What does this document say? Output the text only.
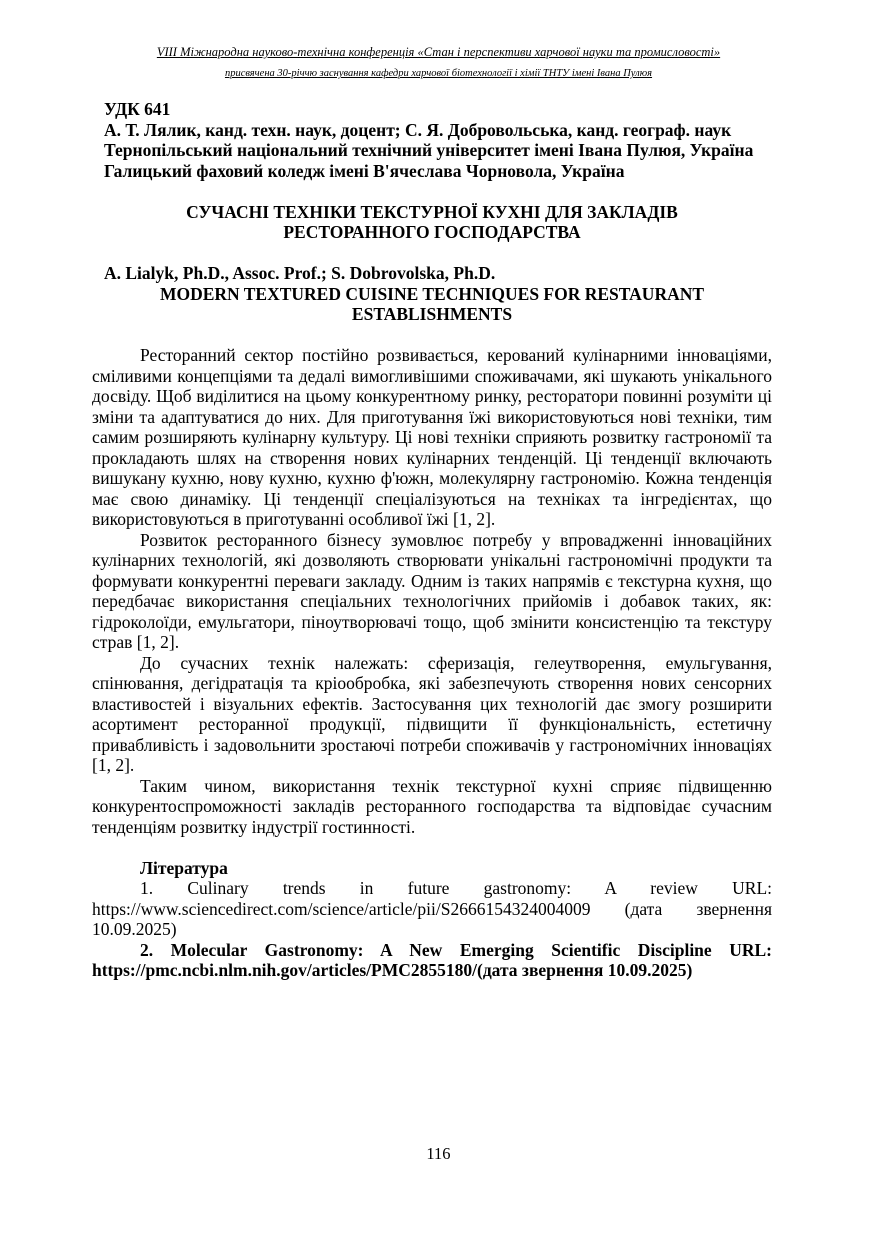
VIII Міжнародна науково-технічна конференція «Стан і перспективи харчової науки та промисловості»
присвячена 30-річчю заснування кафедри харчової біотехнології і хімії ТНТУ імені Івана Пулюя
УДК 641
А. Т. Лялик, канд. техн. наук, доцент; С. Я. Добровольська, канд. географ. наук
Тернопільський національний технічний університет імені Івана Пулюя, Україна
Галицький фаховий коледж імені В'ячеслава Чорновола, Україна
СУЧАСНІ ТЕХНІКИ ТЕКСТУРНОЇ КУХНІ ДЛЯ ЗАКЛАДІВ
РЕСТОРАННОГО ГОСПОДАРСТВА
A. Lialyk, Ph.D., Assoc. Prof.; S. Dobrovolska, Ph.D.
MODERN TEXTURED CUISINE TECHNIQUES FOR RESTAURANT
ESTABLISHMENTS

Ресторанний сектор постійно розвивається, керований кулінарними інноваціями, сміливими концепціями та дедалі вимогливішими споживачами, які шукають унікального досвіду. Щоб виділитися на цьому конкурентному ринку, ресторатори повинні розуміти ці зміни та адаптуватися до них. Для приготування їжі використовуються нові техніки, тим самим розширяють кулінарну культуру. Ці нові техніки сприяють розвитку гастрономії та прокладають шлях на створення нових кулінарних тенденцій. Ці тенденції включають вишукану кухню, нову кухню, кухню ф'южн, молекулярну гастрономію. Кожна тенденція має свою динаміку. Ці тенденції спеціалізуються на техніках та інгредієнтах, що використовуються в приготуванні особливої їжі [1, 2].

Розвиток ресторанного бізнесу зумовлює потребу у впровадженні інноваційних кулінарних технологій, які дозволяють створювати унікальні гастрономічні продукти та формувати конкурентні переваги закладу. Одним із таких напрямів є текстурна кухня, що передбачає використання спеціальних технологічних прийомів і добавок таких, як: гідроколоїди, емульгатори, піноутворювачі тощо, щоб змінити консистенцію та текстуру страв [1, 2].

До сучасних технік належать: сферизація, гелеутворення, емульгування, спінювання, дегідратація та кріообробка, які забезпечують створення нових сенсорних властивостей і візуальних ефектів. Застосування цих технологій дає змогу розширити асортимент ресторанної продукції, підвищити її функціональність, естетичну привабливість і задовольнити зростаючі потреби споживачів у гастрономічних інноваціях [1, 2].

Таким чином, використання технік текстурної кухні сприяє підвищенню конкурентоспроможності закладів ресторанного господарства та відповідає сучасним тенденціям розвитку індустрії гостинності.

Література

1. Culinary trends in future gastronomy: A review URL: https://www.sciencedirect.com/science/article/pii/S2666154324004009 (дата звернення 10.09.2025)

2. Molecular Gastronomy: A New Emerging Scientific Discipline URL: https://pmc.ncbi.nlm.nih.gov/articles/PMC2855180/(дата звернення 10.09.2025)

116
